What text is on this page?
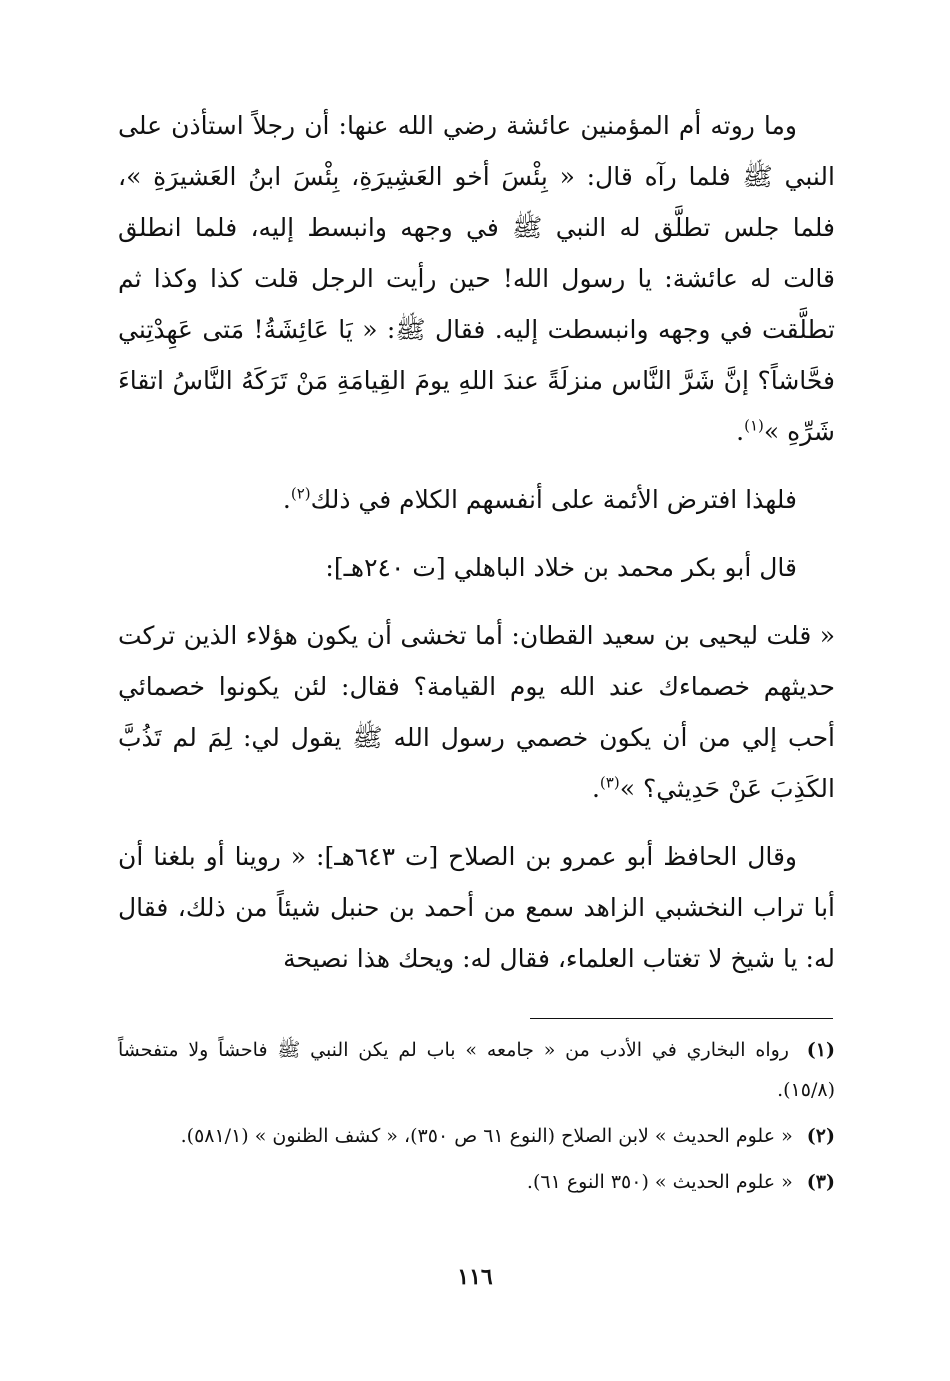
وما روته أم المؤمنين عائشة رضي الله عنها: أن رجلاً استأذن على النبي ﷺ فلما رآه قال: « بِئْسَ أخو العَشِيرَةِ، بِئْسَ ابنُ العَشيرَةِ »، فلما جلس تطلَّق له النبي ﷺ في وجهه وانبسط إليه، فلما انطلق قالت له عائشة: يا رسول الله! حين رأيت الرجل قلت كذا وكذا ثم تطلَّقت في وجهه وانبسطت إليه. فقال ﷺ: « يَا عَائِشَةُ! مَتى عَهِدْتِني فحَّاشاً؟ إنَّ شَرَّ النَّاس منزلَةً عندَ اللهِ يومَ القِيامَةِ مَنْ تَرَكَهُ النَّاسُ اتقاءَ شَرِّهِ »$^{(١)}$.
فلهذا افترض الأئمة على أنفسهم الكلام في ذلك$^{(٢)}$.
قال أبو بكر محمد بن خلاد الباهلي [ت ٢٤٠هـ]:
« قلت ليحيى بن سعيد القطان: أما تخشى أن يكون هؤلاء الذين تركت حديثهم خصماءك عند الله يوم القيامة؟ فقال: لئن يكونوا خصمائي أحب إلي من أن يكون خصمي رسول الله ﷺ يقول لي: لِمَ لم تَذُبَّ الكَذِبَ عَنْ حَدِيثي؟ »$^{(٣)}$.
وقال الحافظ أبو عمرو بن الصلاح [ت ٦٤٣هـ]: « روينا أو بلغنا أن أبا تراب النخشبي الزاهد سمع من أحمد بن حنبل شيئاً من ذلك، فقال له: يا شيخ لا تغتاب العلماء، فقال له: ويحك هذا نصيحة
(١) رواه البخاري في الأدب من « جامعه » باب لم يكن النبي ﷺ فاحشاً ولا متفحشاً (١٥/٨).
(٢) « علوم الحديث » لابن الصلاح (النوع ٦١ ص ٣٥٠)، « كشف الظنون » (٥٨١/١).
(٣) « علوم الحديث » (٣٥٠ النوع ٦١).
١١٦
